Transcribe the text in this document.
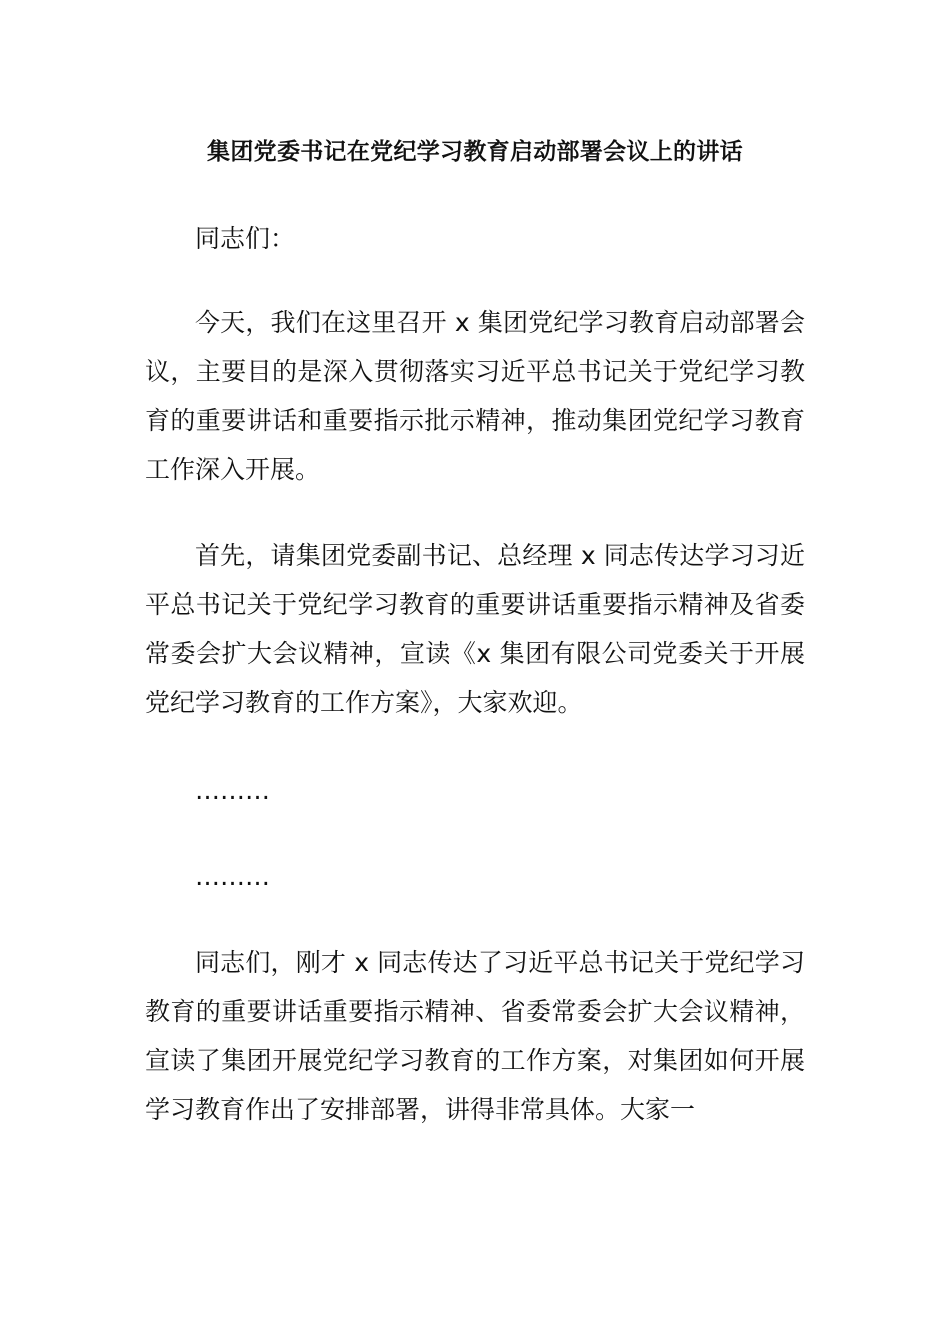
集团党委书记在党纪学习教育启动部署会议上的讲话

同志们：

今天，我们在这里召开 x 集团党纪学习教育启动部署会议，主要目的是深入贯彻落实习近平总书记关于党纪学习教育的重要讲话和重要指示批示精神，推动集团党纪学习教育工作深入开展。

首先，请集团党委副书记、总经理 x 同志传达学习习近平总书记关于党纪学习教育的重要讲话重要指示精神及省委常委会扩大会议精神，宣读《x 集团有限公司党委关于开展党纪学习教育的工作方案》，大家欢迎。

………

………

同志们，刚才 x 同志传达了习近平总书记关于党纪学习教育的重要讲话重要指示精神、省委常委会扩大会议精神，宣读了集团开展党纪学习教育的工作方案，对集团如何开展学习教育作出了安排部署，讲得非常具体。大家一
